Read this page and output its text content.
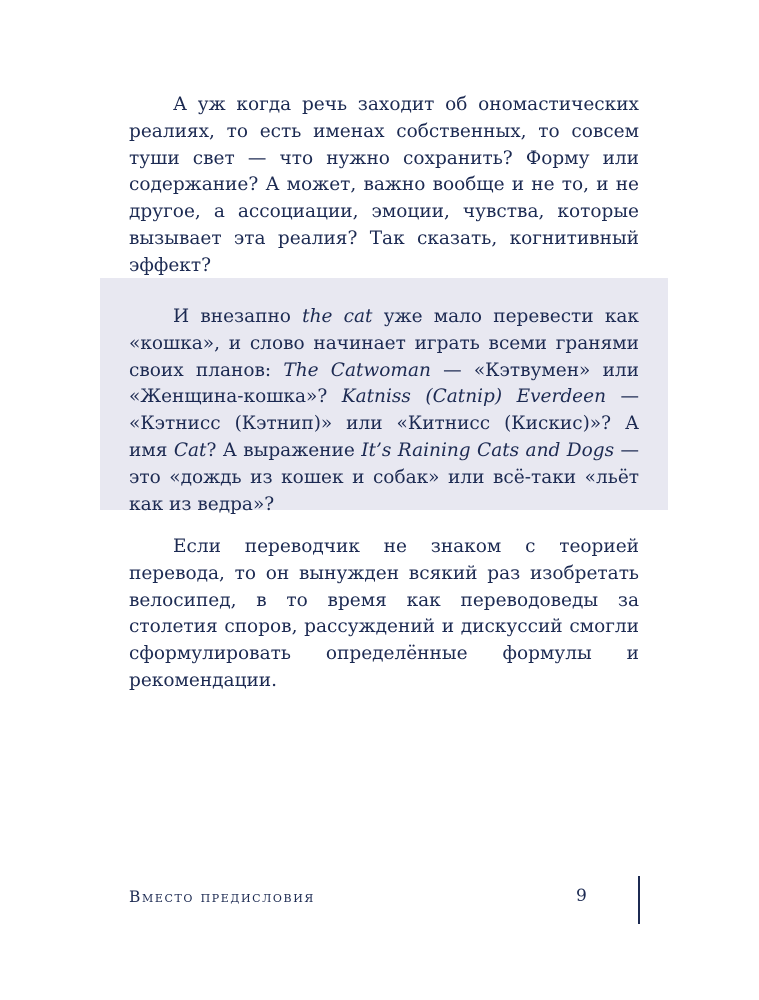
А уж когда речь заходит об ономастических реалиях, то есть именах собственных, то совсем туши свет — что нужно сохранить? Форму или содержание? А может, важно вообще и не то, и не другое, а ассоциации, эмоции, чувства, которые вызывает эта реалия? Так сказать, когнитивный эффект?

И внезапно the cat уже мало перевести как «кошка», и слово начинает играть всеми гранями своих планов: The Catwoman — «Кэтвумен» или «Женщина-кошка»? Katniss (Catnip) Everdeen — «Кэтнисс (Кэтнип)» или «Китнисс (Кискис)»? А имя Cat? А выражение It’s Raining Cats and Dogs — это «дождь из кошек и собак» или всё-таки «льёт как из ведра»?

Если переводчик не знаком с теорией перевода, то он вынужден всякий раз изобретать велосипед, в то время как переводоведы за столетия споров, рассуждений и дискуссий смогли сформулировать определённые формулы и рекомендации.

Вместо предисловия	9
